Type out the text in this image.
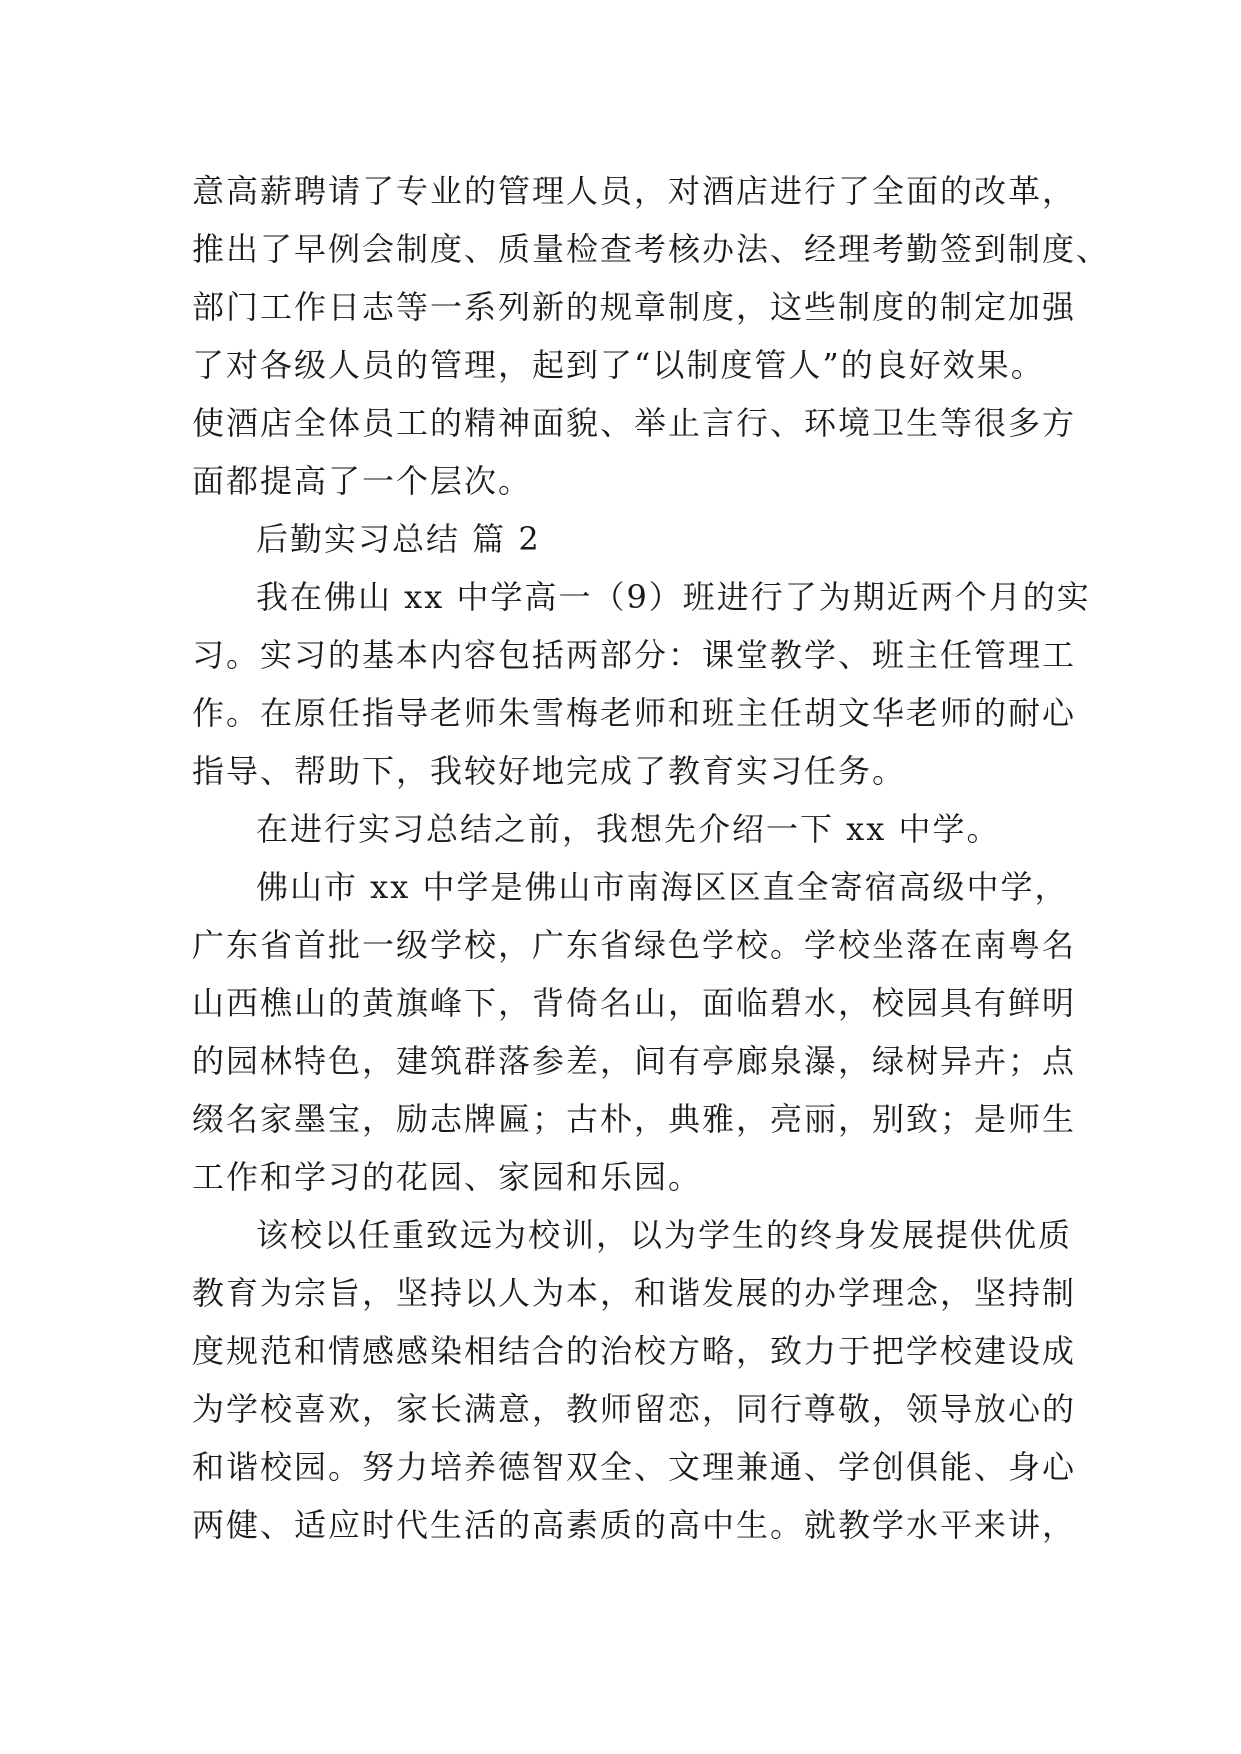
意高薪聘请了专业的管理人员，对酒店进行了全面的改革，
推出了早例会制度、质量检查考核办法、经理考勤签到制度、
部门工作日志等一系列新的规章制度，这些制度的制定加强
了对各级人员的管理，起到了“以制度管人”的良好效果。
使酒店全体员工的精神面貌、举止言行、环境卫生等很多方
面都提高了一个层次。
后勤实习总结 篇 2
我在佛山 xx 中学高一（9）班进行了为期近两个月的实
习。实习的基本内容包括两部分：课堂教学、班主任管理工
作。在原任指导老师朱雪梅老师和班主任胡文华老师的耐心
指导、帮助下，我较好地完成了教育实习任务。
在进行实习总结之前，我想先介绍一下 xx 中学。
佛山市 xx 中学是佛山市南海区区直全寄宿高级中学，
广东省首批一级学校，广东省绿色学校。学校坐落在南粤名
山西樵山的黄旗峰下，背倚名山，面临碧水，校园具有鲜明
的园林特色，建筑群落参差，间有亭廊泉瀑，绿树异卉；点
缀名家墨宝，励志牌匾；古朴，典雅，亮丽，别致；是师生
工作和学习的花园、家园和乐园。
该校以任重致远为校训，以为学生的终身发展提供优质
教育为宗旨，坚持以人为本，和谐发展的办学理念，坚持制
度规范和情感感染相结合的治校方略，致力于把学校建设成
为学校喜欢，家长满意，教师留恋，同行尊敬，领导放心的
和谐校园。努力培养德智双全、文理兼通、学创俱能、身心
两健、适应时代生活的高素质的高中生。就教学水平来讲，
